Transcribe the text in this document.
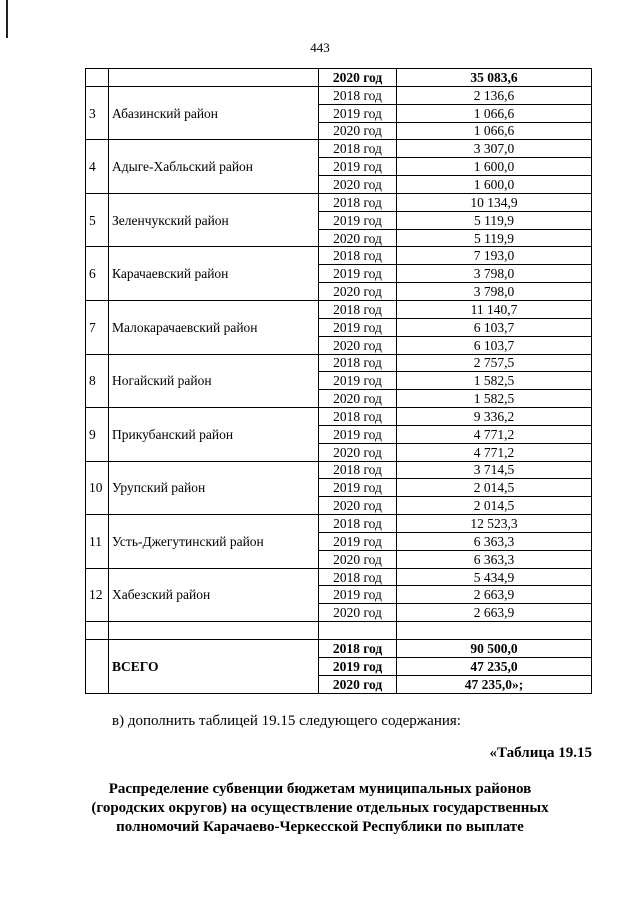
443
		2020 год	35 083,6
3	Абазинский район	2018 год	2 136,6
		2019 год	1 066,6
		2020 год	1 066,6
4	Адыге-Хабльский район	2018 год	3 307,0
		2019 год	1 600,0
		2020 год	1 600,0
5	Зеленчукский район	2018 год	10 134,9
		2019 год	5 119,9
		2020 год	5 119,9
6	Карачаевский район	2018 год	7 193,0
		2019 год	3 798,0
		2020 год	3 798,0
7	Малокарачаевский район	2018 год	11 140,7
		2019 год	6 103,7
		2020 год	6 103,7
8	Ногайский район	2018 год	2 757,5
		2019 год	1 582,5
		2020 год	1 582,5
9	Прикубанский район	2018 год	9 336,2
		2019 год	4 771,2
		2020 год	4 771,2
10	Урупский район	2018 год	3 714,5
		2019 год	2 014,5
		2020 год	2 014,5
11	Усть-Джегутинский район	2018 год	12 523,3
		2019 год	6 363,3
		2020 год	6 363,3
12	Хабезский район	2018 год	5 434,9
		2019 год	2 663,9
		2020 год	2 663,9

	ВСЕГО	2018 год	90 500,0
		2019 год	47 235,0
		2020 год	47 235,0»;
в) дополнить таблицей 19.15 следующего содержания:
«Таблица 19.15
Распределение субвенции бюджетам муниципальных районов
(городских округов) на осуществление отдельных государственных
полномочий Карачаево-Черкесской Республики по выплате
